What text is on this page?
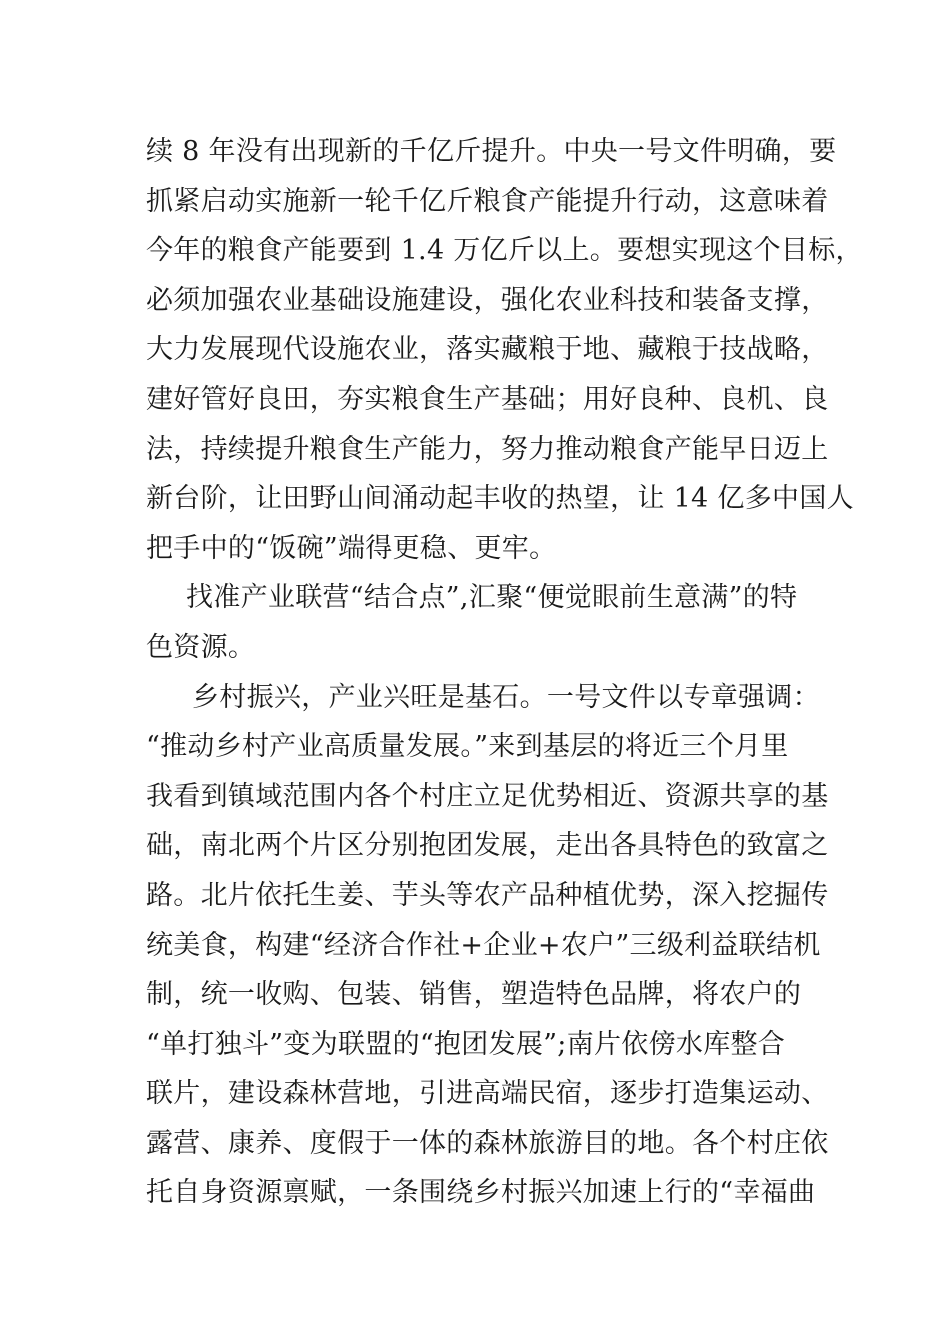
续 8 年没有出现新的千亿斤提升。中央一号文件明确，要
抓紧启动实施新一轮千亿斤粮食产能提升行动，这意味着
今年的粮食产能要到 1.4 万亿斤以上。要想实现这个目标，
必须加强农业基础设施建设，强化农业科技和装备支撑，
大力发展现代设施农业，落实藏粮于地、藏粮于技战略，
建好管好良田，夯实粮食生产基础；用好良种、良机、良
法，持续提升粮食生产能力，努力推动粮食产能早日迈上
新台阶，让田野山间涌动起丰收的热望，让 14 亿多中国人
把手中的“饭碗”端得更稳、更牢。
找准产业联营“结合点”,汇聚“便觉眼前生意满”的特
色资源。
乡村振兴，产业兴旺是基石。一号文件以专章强调：
“推动乡村产业高质量发展。”来到基层的将近三个月里
我看到镇域范围内各个村庄立足优势相近、资源共享的基
础，南北两个片区分别抱团发展，走出各具特色的致富之
路。北片依托生姜、芋头等农产品种植优势，深入挖掘传
统美食，构建“经济合作社+企业+农户”三级利益联结机
制，统一收购、包装、销售，塑造特色品牌，将农户的
“单打独斗”变为联盟的“抱团发展”;南片依傍水库整合
联片，建设森林营地，引进高端民宿，逐步打造集运动、
露营、康养、度假于一体的森林旅游目的地。各个村庄依
托自身资源禀赋，一条围绕乡村振兴加速上行的“幸福曲
